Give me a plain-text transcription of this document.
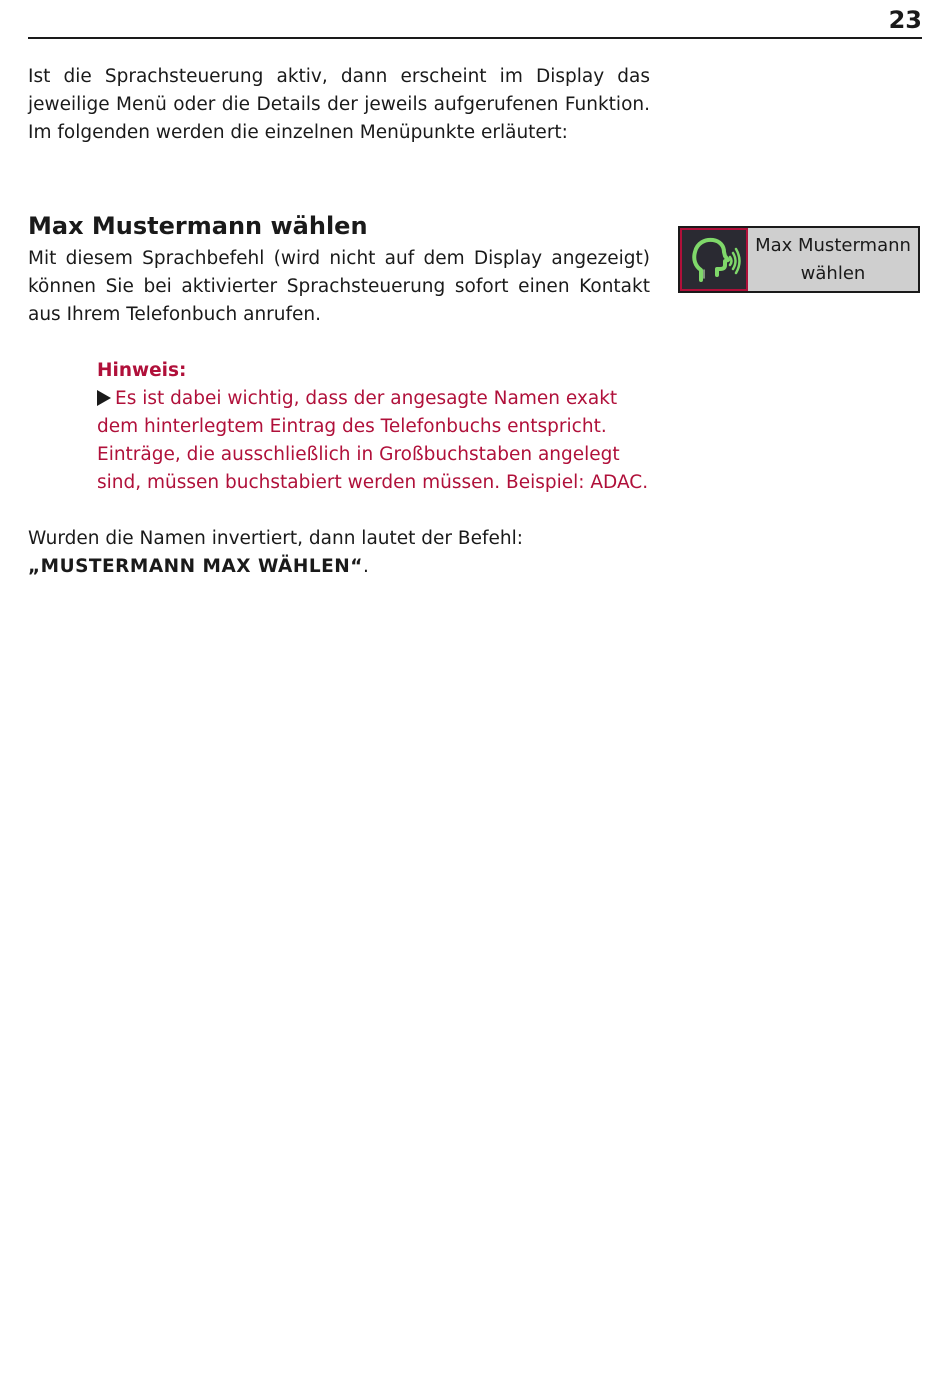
23
Ist die Sprachsteuerung aktiv, dann erscheint im Display das jeweilige Menü oder die Details der jeweils aufgerufenen Funktion. Im folgenden werden die einzelnen Menüpunkte erläutert:
Max Mustermann wählen
Mit diesem Sprachbefehl (wird nicht auf dem Display angezeigt) können Sie bei aktivierter Sprachsteuerung sofort einen Kontakt aus Ihrem Telefonbuch anrufen.
Hinweis:
Es ist dabei wichtig, dass der angesagte Namen exakt dem hinterlegtem Eintrag des Telefonbuchs entspricht. Einträge, die ausschließlich in Großbuchstaben angelegt sind, müssen buchstabiert werden müssen. Beispiel: ADAC.
Wurden die Namen invertiert, dann lautet der Befehl:
„MUSTERMANN MAX WÄHLEN“.
Max Mustermann
wählen
